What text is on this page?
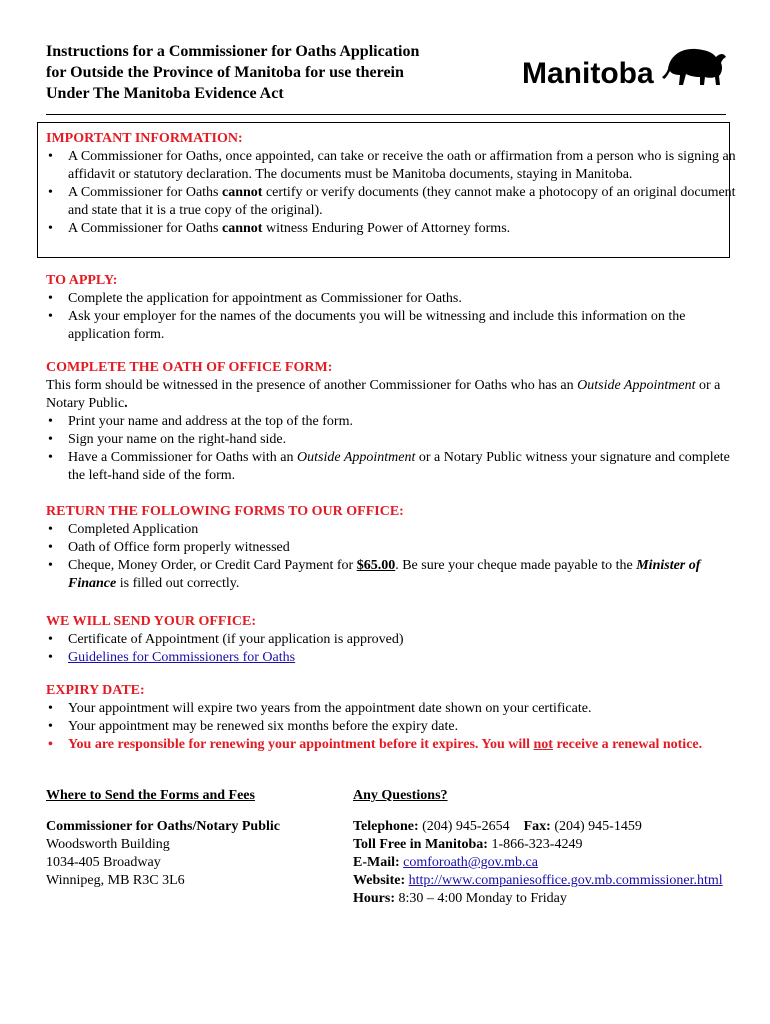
Instructions for a Commissioner for Oaths Application
for Outside the Province of Manitoba for use therein
Under The Manitoba Evidence Act
Manitoba

IMPORTANT INFORMATION:

• A Commissioner for Oaths, once appointed, can take or receive the oath or affirmation from a person who is signing an affidavit or statutory declaration. The documents must be Manitoba documents, staying in Manitoba.
• A Commissioner for Oaths cannot certify or verify documents (they cannot make a photocopy of an original document and state that it is a true copy of the original).
• A Commissioner for Oaths cannot witness Enduring Power of Attorney forms.

TO APPLY:

• Complete the application for appointment as Commissioner for Oaths.
• Ask your employer for the names of the documents you will be witnessing and include this information on the application form.

COMPLETE THE OATH OF OFFICE FORM:

This form should be witnessed in the presence of another Commissioner for Oaths who has an Outside Appointment or a Notary Public.

• Print your name and address at the top of the form.
• Sign your name on the right-hand side.
• Have a Commissioner for Oaths with an Outside Appointment or a Notary Public witness your signature and complete the left-hand side of the form.

RETURN THE FOLLOWING FORMS TO OUR OFFICE:

• Completed Application
• Oath of Office form properly witnessed
• Cheque, Money Order, or Credit Card Payment for $65.00. Be sure your cheque made payable to the Minister of Finance is filled out correctly.

WE WILL SEND YOUR OFFICE:

• Certificate of Appointment (if your application is approved)
• Guidelines for Commissioners for Oaths

EXPIRY DATE:

• Your appointment will expire two years from the appointment date shown on your certificate.
• Your appointment may be renewed six months before the expiry date.
• You are responsible for renewing your appointment before it expires. You will not receive a renewal notice.
Where to Send the Forms and Fees
Commissioner for Oaths/Notary Public
Woodsworth Building
1034-405 Broadway
Winnipeg, MB R3C 3L6
Any Questions?
Telephone: (204) 945-2654 Fax: (204) 945-1459
Toll Free in Manitoba: 1-866-323-4249
E-Mail: comforoath@gov.mb.ca
Website: http://www.companiesoffice.gov.mb.commissioner.html
Hours: 8:30 – 4:00 Monday to Friday
